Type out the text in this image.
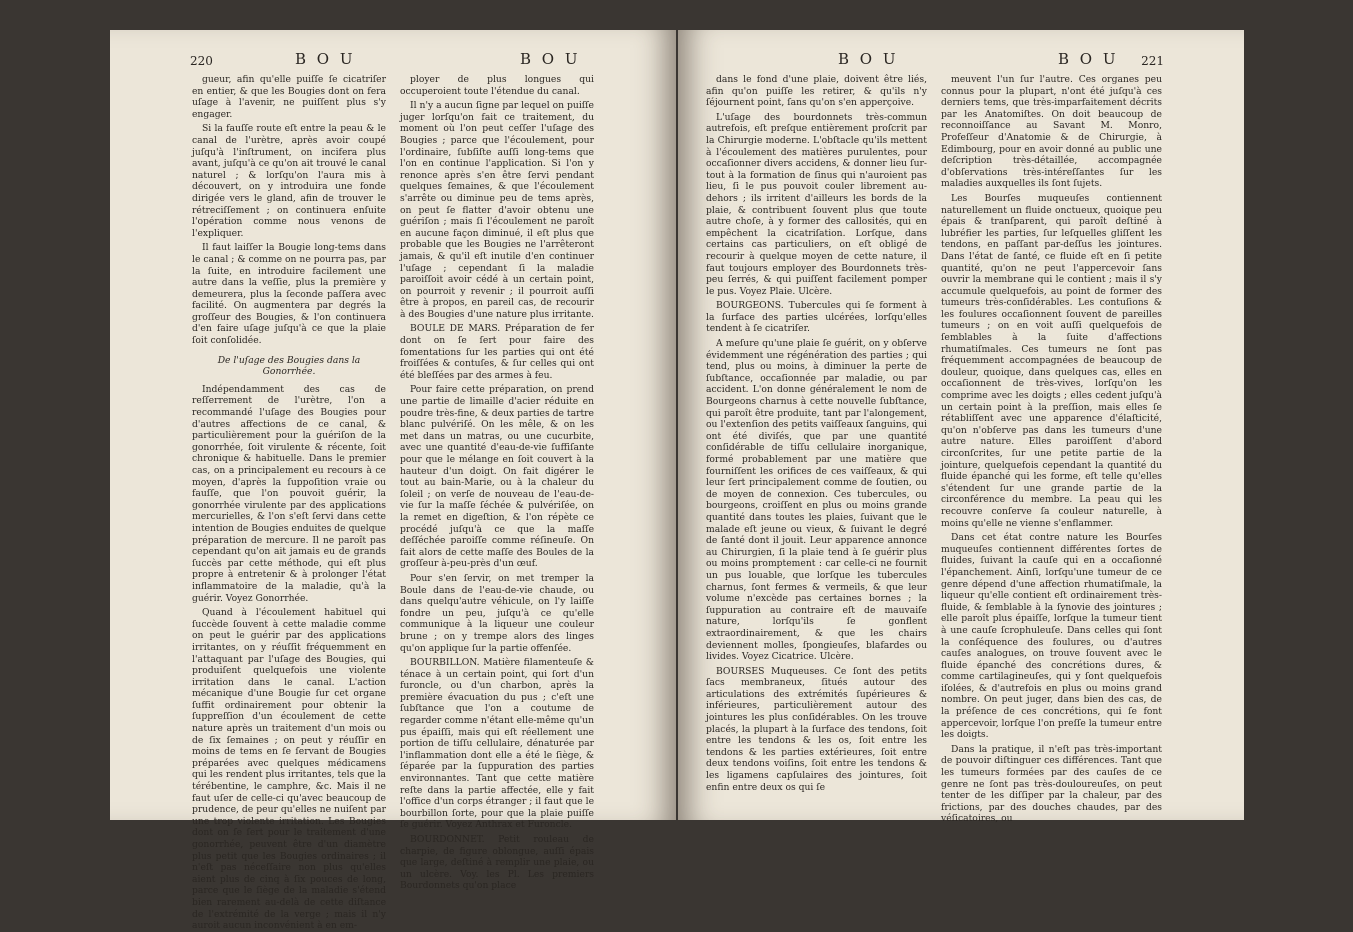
220	B O U	B O U

gueur, afin qu'elle puiſſe ſe cicatriſer en entier, & que les Bougies dont on fera uſage à l'avenir, ne puiſſent plus s'y engager.

Si la fauſſe route eſt entre la peau & le canal de l'urètre, après avoir coupé juſqu'à l'inſtrument, on incifera plus avant, juſqu'à ce qu'on ait trouvé le canal naturel ; & lorſqu'on l'aura mis à découvert, on y introduira une fonde dirigée vers le gland, afin de trouver le rétreciſſement ; on continuera enſuite l'opération comme nous venons de l'expliquer.

Il faut laiſſer la Bougie long-tems dans le canal ; & comme on ne pourra pas, par la ſuite, en introduire facilement une autre dans la veſſie, plus la première y demeurera, plus la ſeconde paſſera avec facilité. On augmentera par degrés la groſſeur des Bougies, & l'on continuera d'en faire uſage juſqu'à ce que la plaie ſoit conſolidée.

De l'uſage des Bougies dans la Gonorrhée.

Indépendamment des cas de reſſerrement de l'urètre, l'on a recommandé l'uſage des Bougies pour d'autres affections de ce canal, & particulièrement pour la guériſon de la gonorrhée, ſoit virulente & récente, ſoit chronique & habituelle. Dans le premier cas, on a principalement eu recours à ce moyen, d'après la ſuppoſition vraie ou fauſſe, que l'on pouvoit guérir, la gonorrhée virulente par des applications mercurielles, & l'on s'eſt ſervi dans cette intention de Bougies enduites de quelque préparation de mercure. Il ne paroît pas cependant qu'on ait jamais eu de grands ſuccès par cette méthode, qui eſt plus propre à entretenir & à prolonger l'état inflammatoire de la maladie, qu'à la guérir. Voyez Gonorrhée.

Quand à l'écoulement habituel qui ſuccède ſouvent à cette maladie comme on peut le guérir par des applications irritantes, on y réuſſit fréquemment en l'attaquant par l'uſage des Bougies, qui produiſent quelquefois une violente irritation dans le canal. L'action mécanique d'une Bougie ſur cet organe ſuffit ordinairement pour obtenir la ſuppreſſion d'un écoulement de cette nature après un traitement d'un mois ou de ſix ſemaines ; on peut y réuſſir en moins de tems en ſe ſervant de Bougies préparées avec quelques médicamens qui les rendent plus irritantes, tels que la térébentine, le camphre, &c. Mais il ne faut uſer de celle-ci qu'avec beaucoup de prudence, de peur qu'elles ne nuiſent par une trop violente irritation. Les Bougies dont on ſe ſert pour le traitement d'une gonorrhée, peuvent être d'un diamètre plus petit que les Bougies ordinaires ; il n'eſt pas néceſſaire non plus qu'elles aient plus de cinq à ſix pouces de long, parce que le ſiège de la maladie s'étend bien rarement au-delà de cette diſtance de l'extrémité de la verge ; mais il n'y auroit aucun inconvénient à en em-

ployer de plus longues qui occuperoient toute l'étendue du canal.

Il n'y a aucun ſigne par lequel on puiſſe juger lorſqu'on fait ce traitement, du moment où l'on peut ceſſer l'uſage des Bougies ; parce que l'écoulement, pour l'ordinaire, ſubſiſte auſſi long-tems que l'on en continue l'application. Si l'on y renonce après s'en être ſervi pendant quelques ſemaines, & que l'écoulement s'arrête ou diminue peu de tems après, on peut ſe flatter d'avoir obtenu une guériſon ; mais ſi l'écoulement ne paroît en aucune façon diminué, il eſt plus que probable que les Bougies ne l'arrêteront jamais, & qu'il eſt inutile d'en continuer l'uſage ; cependant ſi la maladie paroiſſoit avoir cédé à un certain point, on pourroit y revenir ; il pourroit auſſi être à propos, en pareil cas, de recourir à des Bougies d'une nature plus irritante.

BOULE DE MARS. Préparation de fer dont on ſe ſert pour faire des fomentations ſur les parties qui ont été froiſſées & contuſes, & ſur celles qui ont été bleſſées par des armes à feu.

Pour faire cette préparation, on prend une partie de limaille d'acier réduite en poudre très-fine, & deux parties de tartre blanc pulvériſé. On les mêle, & on les met dans un matras, ou une cucurbite, avec une quantité d'eau-de-vie ſuffiſante pour que le mélange en ſoit couvert à la hauteur d'un doigt. On fait digérer le tout au bain-Marie, ou à la chaleur du ſoleil ; on verſe de nouveau de l'eau-de-vie ſur la maſſe ſéchée & pulvériſée, on la remet en digeſtion, & l'on répète ce procédé juſqu'à ce que la maſſe deſſéchée paroiſſe comme réſineuſe. On fait alors de cette maſſe des Boules de la groſſeur à-peu-près d'un œuf.

Pour s'en ſervir, on met tremper la Boule dans de l'eau-de-vie chaude, ou dans quelqu'autre véhicule, on l'y laiſſe fondre un peu, juſqu'à ce qu'elle communique à la liqueur une couleur brune ; on y trempe alors des linges qu'on applique ſur la partie offenſée.

BOURBILLON. Matière filamenteuſe & ténace à un certain point, qui ſort d'un furoncle, ou d'un charbon, après la première évacuation du pus ; c'eſt une ſubſtance que l'on a coutume de regarder comme n'étant elle-même qu'un pus épaiſſi, mais qui eſt réellement une portion de tiſſu cellulaire, dénaturée par l'inflammation dont elle a été le ſiège, & ſéparée par la ſuppuration des parties environnantes. Tant que cette matière reſte dans la partie affectée, elle y fait l'office d'un corps étranger ; il faut que le bourbillon ſorte, pour que la plaie puiſſe ſe guérir. Voyez Anthrax et Furoncle.

BOURDONNET. Petit rouleau de charpie, de figure oblongue, auſſi épais que large, deſtiné à remplir une plaie, ou un ulcère. Voy. les Pl. Les premiers Bourdonnets qu'on place

B O U	B O U 221

dans le fond d'une plaie, doivent être liés, afin qu'on puiſſe les retirer, & qu'ils n'y ſéjournent point, ſans qu'on s'en apperçoive.

L'uſage des bourdonnets très-commun autrefois, eſt preſque entièrement proſcrit par la Chirurgie moderne. L'obſtacle qu'ils mettent à l'écoulement des matières purulentes, pour occaſionner divers accidens, & donner lieu ſur-tout à la formation de ſinus qui n'auroient pas lieu, ſi le pus pouvoit couler librement au-dehors ; ils irritent d'ailleurs les bords de la plaie, & contribuent ſouvent plus que toute autre choſe, à y former des callosités, qui en empêchent la cicatriſation. Lorſque, dans certains cas particuliers, on eſt obligé de recourir à quelque moyen de cette nature, il faut toujours employer des Bourdonnets très-peu ſerrés, & qui puiſſent facilement pomper le pus. Voyez Plaie. Ulcère.

BOURGEONS. Tubercules qui ſe forment à la ſurface des parties ulcérées, lorſqu'elles tendent à ſe cicatriſer.

A meſure qu'une plaie ſe guérit, on y obſerve évidemment une régénération des parties ; qui tend, plus ou moins, à diminuer la perte de ſubſtance, occaſionnée par maladie, ou par accident. L'on donne généralement le nom de Bourgeons charnus à cette nouvelle ſubſtance, qui paroît être produite, tant par l'alongement, ou l'extenſion des petits vaiſſeaux ſanguins, qui ont été diviſés, que par une quantité conſidérable de tiſſu cellulaire inorganique, formé probablement par une matière que fourniſſent les orifices de ces vaiſſeaux, & qui leur ſert principalement comme de ſoutien, ou de moyen de connexion. Ces tubercules, ou bourgeons, croiſſent en plus ou moins grande quantité dans toutes les plaies, ſuivant que le malade eſt jeune ou vieux, & ſuivant le degré de ſanté dont il jouit. Leur apparence annonce au Chirurgien, ſi la plaie tend à ſe guérir plus ou moins promptement : car celle-ci ne fournit un pus louable, que lorſque les tubercules charnus, ſont fermes & vermeils, & que leur volume n'excède pas certaines bornes ; la ſuppuration au contraire eſt de mauvaiſe nature, lorſqu'ils ſe gonflent extraordinairement, & que les chairs deviennent molles, ſpongieuſes, blafardes ou livides. Voyez Cicatrice. Ulcère.

BOURSES Muqueuses. Ce ſont des petits ſacs membraneux, ſitués autour des articulations des extrémités ſupérieures & inférieures, particulièrement autour des jointures les plus conſidérables. On les trouve placés, la plupart à la ſurface des tendons, ſoit entre les tendons & les os, ſoit entre les tendons & les parties extérieures, ſoit entre deux tendons voiſins, ſoit entre les tendons & les ligamens capſulaires des jointures, ſoit enfin entre deux os qui ſe

meuvent l'un ſur l'autre. Ces organes peu connus pour la plupart, n'ont été juſqu'à ces derniers tems, que très-imparfaitement décrits par les Anatomiſtes. On doit beaucoup de reconnoiſſance au Savant M. Monro, Profeſſeur d'Anatomie & de Chirurgie, à Edimbourg, pour en avoir donné au public une deſcription très-détaillée, accompagnée d'obſervations très-intéreſſantes ſur les maladies auxquelles ils ſont ſujets.

Les Bourſes muqueuſes contiennent naturellement un fluide onctueux, quoique peu épais & tranſparent, qui paroît deſtiné à lubréfier les parties, ſur leſquelles gliſſent les tendons, en paſſant par-deſſus les jointures. Dans l'état de ſanté, ce fluide eſt en ſi petite quantité, qu'on ne peut l'appercevoir ſans ouvrir la membrane qui le contient ; mais il s'y accumule quelquefois, au point de former des tumeurs très-conſidérables. Les contuſions & les foulures occaſionnent ſouvent de pareilles tumeurs ; on en voit auſſi quelquefois de ſemblables à la ſuite d'affections rhumatiſmales. Ces tumeurs ne ſont pas fréquemment accompagnées de beaucoup de douleur, quoique, dans quelques cas, elles en occaſionnent de très-vives, lorſqu'on les comprime avec les doigts ; elles cedent juſqu'à un certain point à la preſſion, mais elles ſe rétabliſſent avec une apparence d'élaſticité, qu'on n'obſerve pas dans les tumeurs d'une autre nature. Elles paroiſſent d'abord circonſcrites, ſur une petite partie de la jointure, quelquefois cependant la quantité du fluide épanché qui les forme, eſt telle qu'elles s'étendent ſur une grande partie de la circonférence du membre. La peau qui les recouvre conſerve ſa couleur naturelle, à moins qu'elle ne vienne s'enflammer.

Dans cet état contre nature les Bourſes muqueuſes contiennent différentes ſortes de fluides, ſuivant la cauſe qui en a occaſionné l'épanchement. Ainſi, lorſqu'une tumeur de ce genre dépend d'une affection rhumatiſmale, la liqueur qu'elle contient eſt ordinairement très-fluide, & ſemblable à la ſynovie des jointures ; elle paroît plus épaiſſe, lorſque la tumeur tient à une cauſe ſcrophuleuſe. Dans celles qui ſont la conſéquence des foulures, ou d'autres cauſes analogues, on trouve ſouvent avec le fluide épanché des concrétions dures, & comme cartilagineuſes, qui y ſont quelquefois iſolées, & d'autrefois en plus ou moins grand nombre. On peut juger, dans bien des cas, de la préſence de ces concrétions, qui ſe font appercevoir, lorſque l'on preſſe la tumeur entre les doigts.

Dans la pratique, il n'eſt pas très-important de pouvoir diſtinguer ces différences. Tant que les tumeurs formées par des cauſes de ce genre ne ſont pas très-douloureuſes, on peut tenter de les diſſiper par la chaleur, par des frictions, par des douches chaudes, par des véſicatoires, ou
